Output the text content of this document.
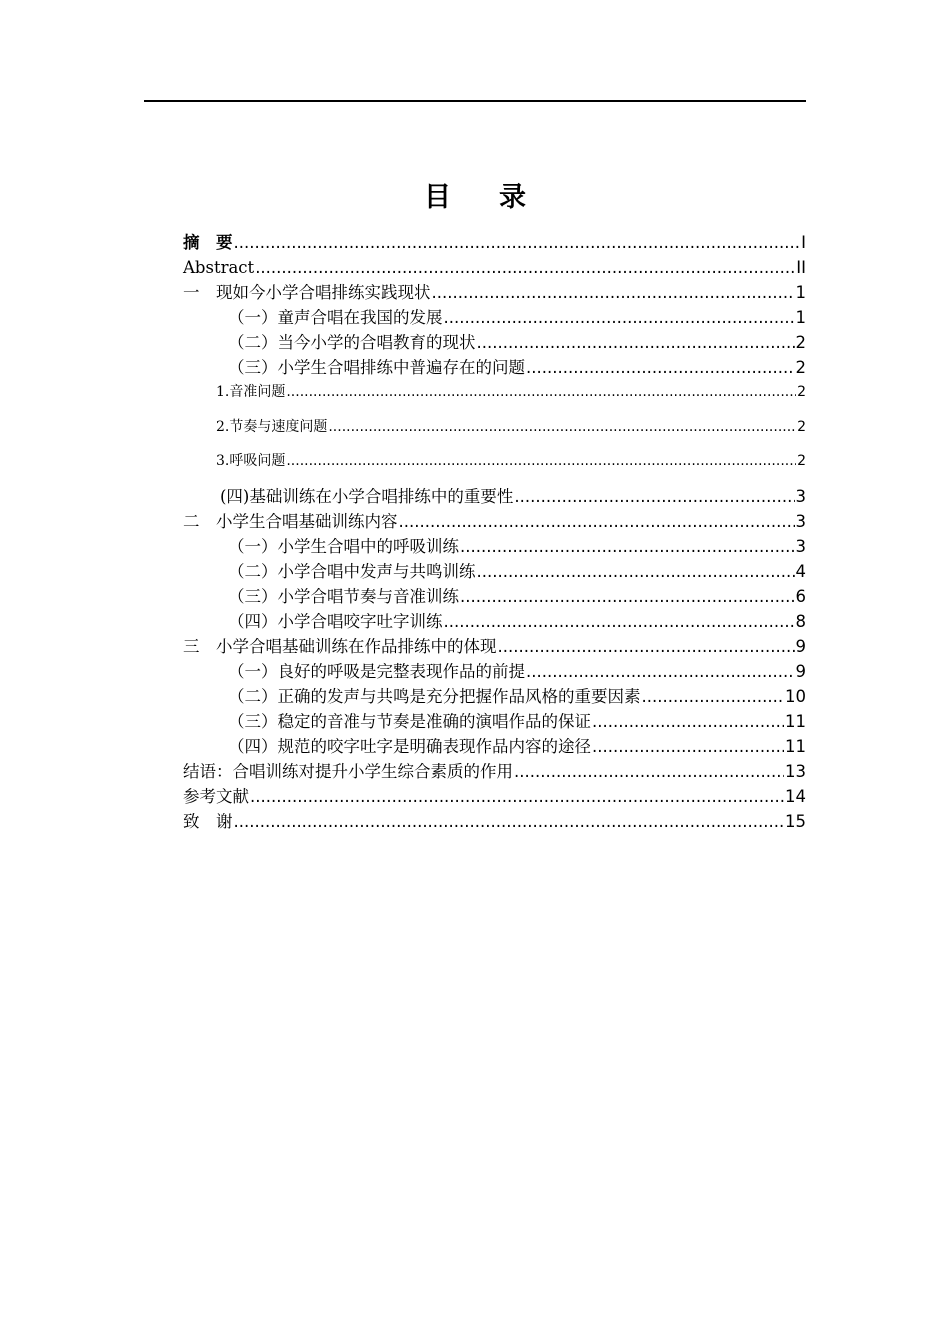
目 录
摘　要 .....	I
Abstract .....	II
一　现如今小学合唱排练实践现状 .....	1
（一）童声合唱在我国的发展 .....	1
（二）当今小学的合唱教育的现状 .....	2
（三）小学生合唱排练中普遍存在的问题 .....	2
1.音准问题 .....	2
2.节奏与速度问题 .....	2
3.呼吸问题 .....	2
(四)基础训练在小学合唱排练中的重要性 .....	3
二　小学生合唱基础训练内容 .....	3
（一）小学生合唱中的呼吸训练 .....	3
（二）小学合唱中发声与共鸣训练 .....	4
（三）小学合唱节奏与音准训练 .....	6
（四）小学合唱咬字吐字训练 .....	8
三　小学合唱基础训练在作品排练中的体现 .....	9
（一）良好的呼吸是完整表现作品的前提 .....	9
（二）正确的发声与共鸣是充分把握作品风格的重要因素 .....	10
（三）稳定的音准与节奏是准确的演唱作品的保证 .....	11
（四）规范的咬字吐字是明确表现作品内容的途径 .....	11
结语：合唱训练对提升小学生综合素质的作用 .....	13
参考文献 .....	14
致　谢 .....	15
